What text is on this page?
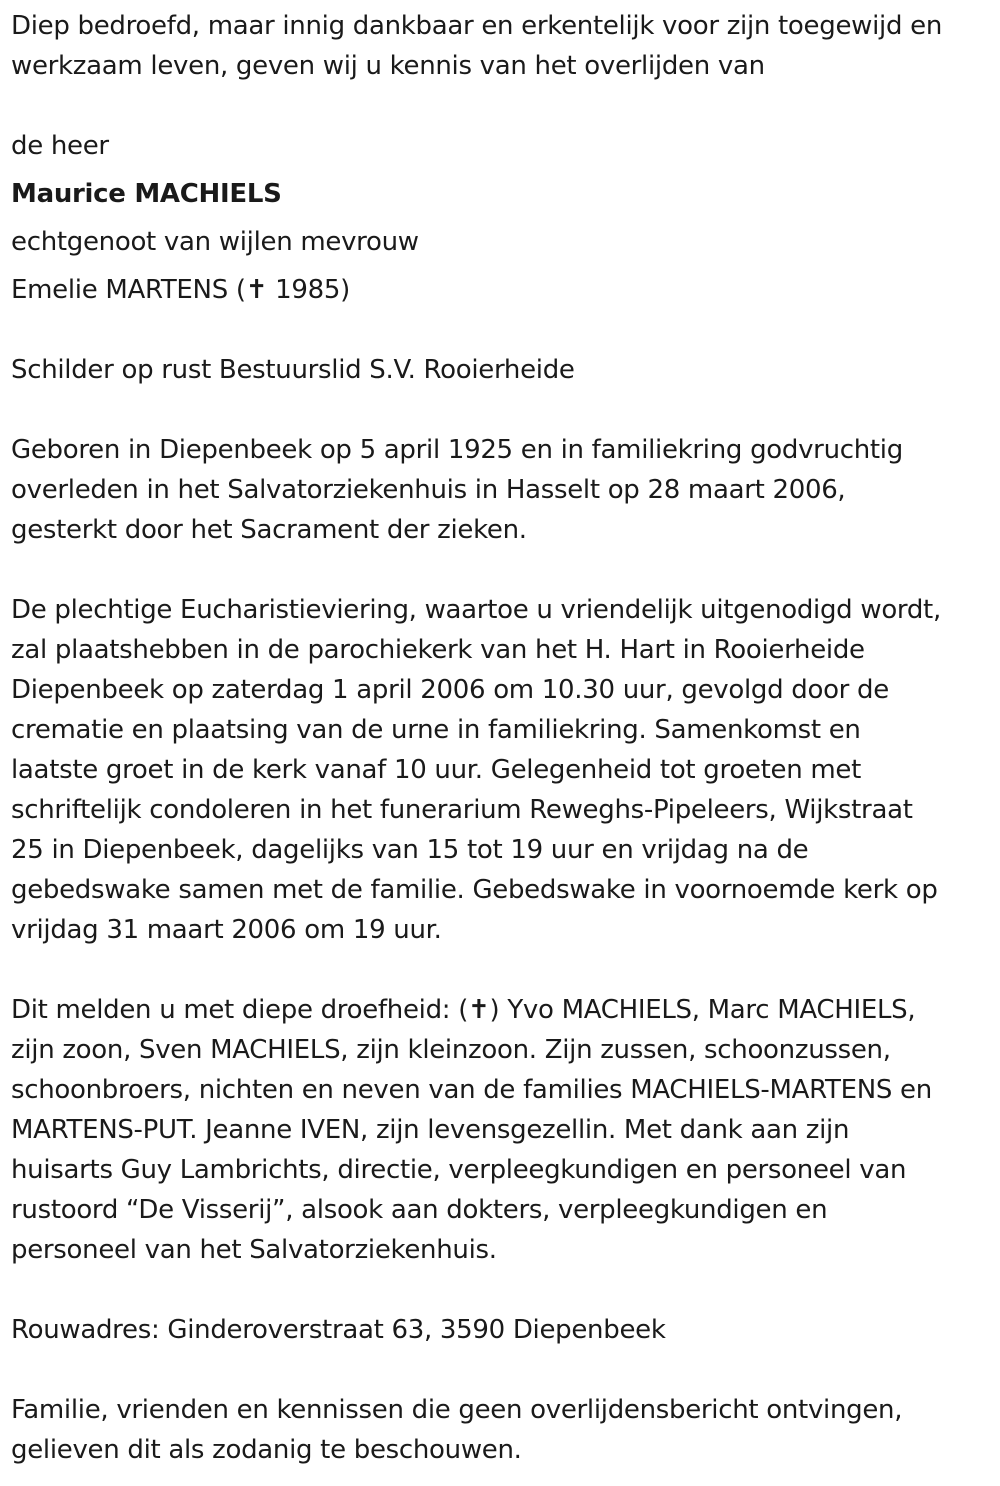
Diep bedroefd, maar innig dankbaar en erkentelijk voor zijn toegewijd en
werkzaam leven, geven wij u kennis van het overlijden van

de heer

Maurice MACHIELS

echtgenoot van wijlen mevrouw

Emelie MARTENS (✝ 1985)

Schilder op rust Bestuurslid S.V. Rooierheide

Geboren in Diepenbeek op 5 april 1925 en in familiekring godvruchtig
overleden in het Salvatorziekenhuis in Hasselt op 28 maart 2006,
gesterkt door het Sacrament der zieken.

De plechtige Eucharistieviering, waartoe u vriendelijk uitgenodigd wordt,
zal plaatshebben in de parochiekerk van het H. Hart in Rooierheide
Diepenbeek op zaterdag 1 april 2006 om 10.30 uur, gevolgd door de
crematie en plaatsing van de urne in familiekring. Samenkomst en
laatste groet in de kerk vanaf 10 uur. Gelegenheid tot groeten met
schriftelijk condoleren in het funerarium Reweghs-Pipeleers, Wijkstraat
25 in Diepenbeek, dagelijks van 15 tot 19 uur en vrijdag na de
gebedswake samen met de familie. Gebedswake in voornoemde kerk op
vrijdag 31 maart 2006 om 19 uur.

Dit melden u met diepe droefheid: (✝) Yvo MACHIELS, Marc MACHIELS,
zijn zoon, Sven MACHIELS, zijn kleinzoon. Zijn zussen, schoonzussen,
schoonbroers, nichten en neven van de families MACHIELS-MARTENS en
MARTENS-PUT. Jeanne IVEN, zijn levensgezellin. Met dank aan zijn
huisarts Guy Lambrichts, directie, verpleegkundigen en personeel van
rustoord “De Visserij”, alsook aan dokters, verpleegkundigen en
personeel van het Salvatorziekenhuis.

Rouwadres: Ginderoverstraat 63, 3590 Diepenbeek

Familie, vrienden en kennissen die geen overlijdensbericht ontvingen,
gelieven dit als zodanig te beschouwen.
